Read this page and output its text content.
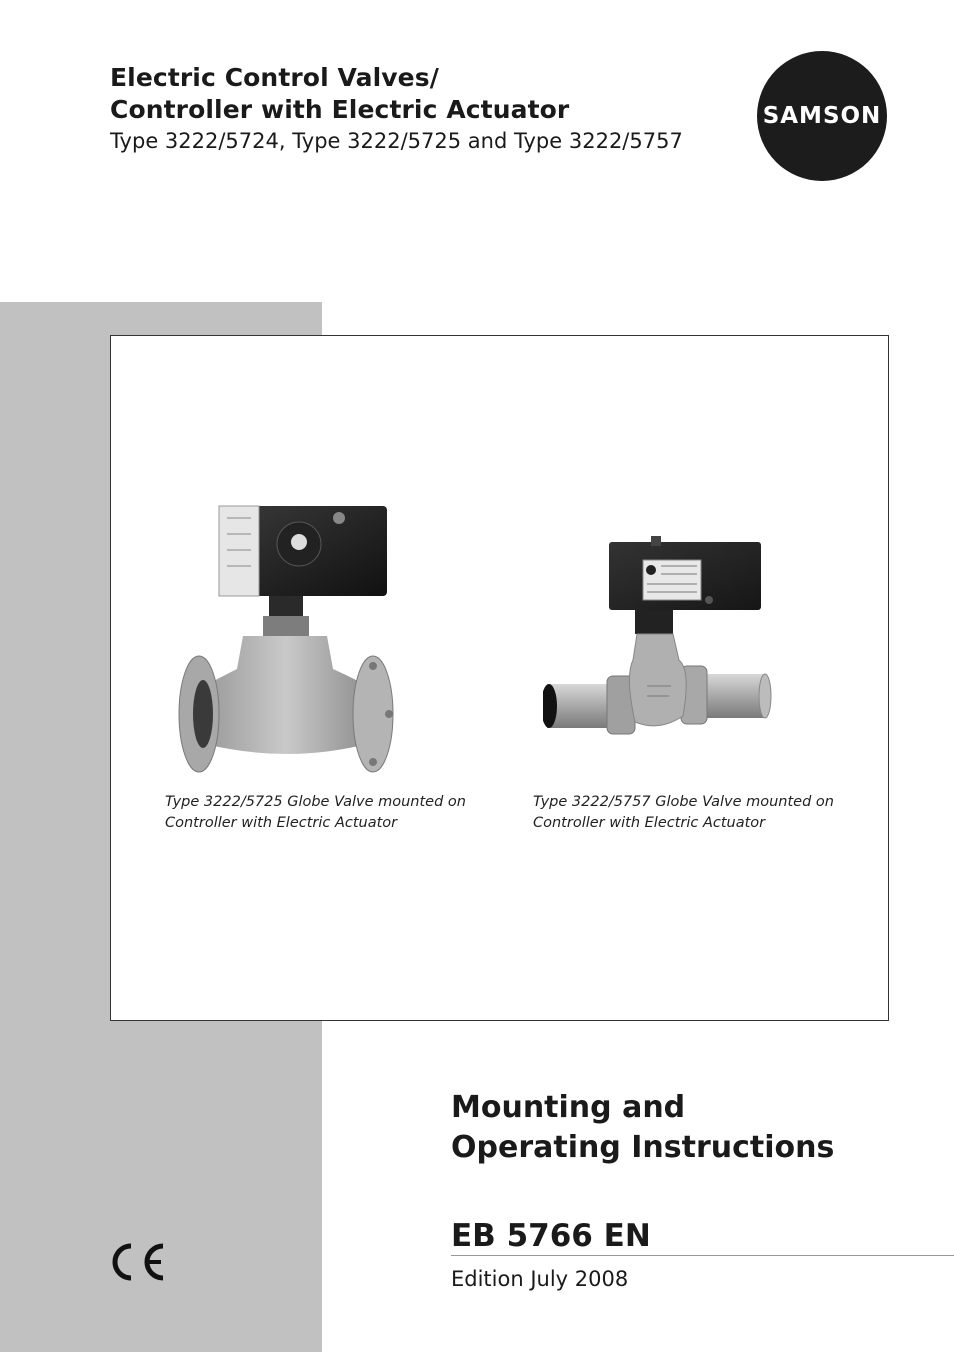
Electric Control Valves/
Controller with Electric Actuator
Type 3222/5724, Type 3222/5725 and Type 3222/5757
SAMSON
Type 3222/5725 Globe Valve mounted on
Controller with Electric Actuator
Type 3222/5757 Globe Valve mounted on
Controller with Electric Actuator
Mounting and
Operating Instructions
EB 5766 EN
Edition July 2008
